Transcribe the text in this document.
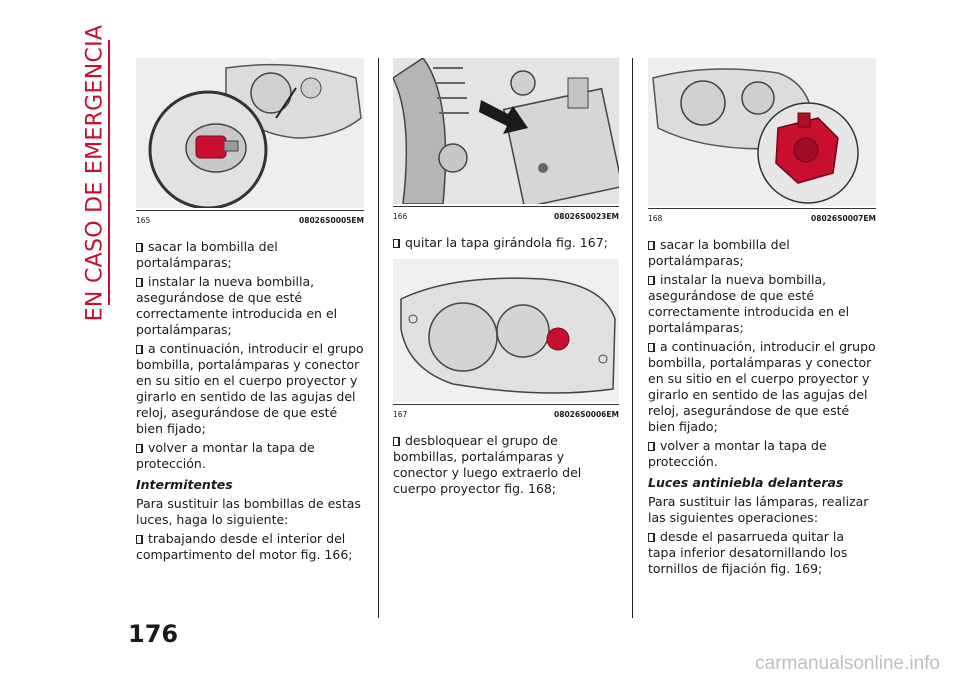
EN CASO DE EMERGENCIA	165	08026S0005EM

sacar la bombilla del portalámparas;

instalar la nueva bombilla, asegurándose de que esté correctamente introducida en el portalámparas;

a continuación, introducir el grupo bombilla, portalámparas y conector en su sitio en el cuerpo proyector y girarlo en sentido de las agujas del reloj, asegurándose de que esté bien fijado;

volver a montar la tapa de protección.

Intermitentes

Para sustituir las bombillas de estas luces, haga lo siguiente:

trabajando desde el interior del compartimento del motor fig. 166;

166	08026S0023EM

quitar la tapa girándola fig. 167;

167	08026S0006EM

desbloquear el grupo de bombillas, portalámparas y conector y luego extraerlo del cuerpo proyector fig. 168;

168	08026S0007EM

sacar la bombilla del portalámparas;

instalar la nueva bombilla, asegurándose de que esté correctamente introducida en el portalámparas;

a continuación, introducir el grupo bombilla, portalámparas y conector en su sitio en el cuerpo proyector y girarlo en sentido de las agujas del reloj, asegurándose de que esté bien fijado;

volver a montar la tapa de protección.

Luces antiniebla delanteras

Para sustituir las lámparas, realizar las siguientes operaciones:

desde el pasarrueda quitar la tapa inferior desatornillando los tornillos de fijación fig. 169;

176
carmanualsonline.info
